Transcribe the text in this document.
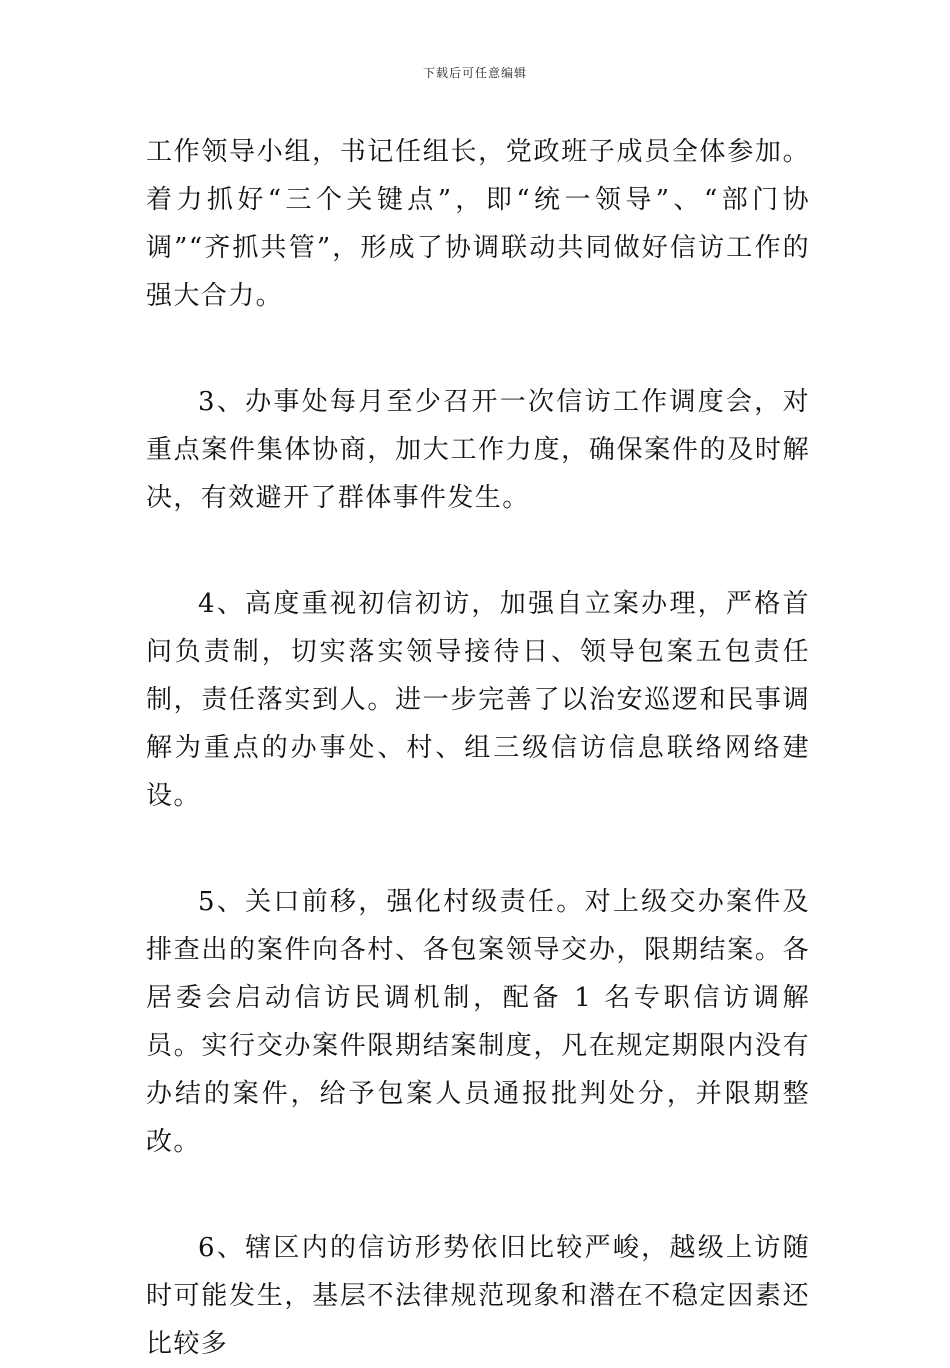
下载后可任意编辑

工作领导小组，书记任组长，党政班子成员全体参加。着力抓好“三个关键点”，即“统一领导”、“部门协调”“齐抓共管”，形成了协调联动共同做好信访工作的强大合力。

3、办事处每月至少召开一次信访工作调度会，对重点案件集体协商，加大工作力度，确保案件的及时解决，有效避开了群体事件发生。

4、高度重视初信初访，加强自立案办理，严格首问负责制，切实落实领导接待日、领导包案五包责任制，责任落实到人。进一步完善了以治安巡逻和民事调解为重点的办事处、村、组三级信访信息联络网络建设。

5、关口前移，强化村级责任。对上级交办案件及排查出的案件向各村、各包案领导交办，限期结案。各居委会启动信访民调机制，配备 1 名专职信访调解员。实行交办案件限期结案制度，凡在规定期限内没有办结的案件，给予包案人员通报批判处分，并限期整改。

6、辖区内的信访形势依旧比较严峻，越级上访随时可能发生，基层不法律规范现象和潜在不稳定因素还比较多
